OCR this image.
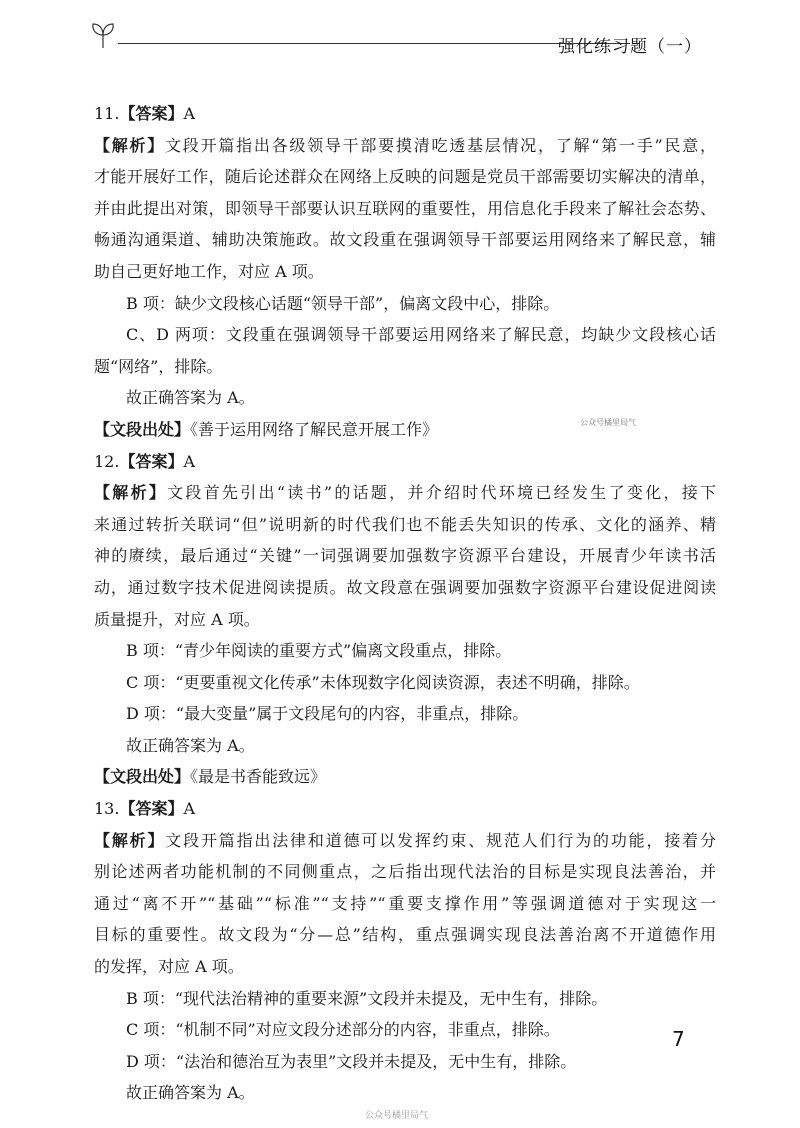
强化练习题（一）
11.【答案】A
【解析】文段开篇指出各级领导干部要摸清吃透基层情况，了解“第一手”民意，
才能开展好工作，随后论述群众在网络上反映的问题是党员干部需要切实解决的清单，
并由此提出对策，即领导干部要认识互联网的重要性，用信息化手段来了解社会态势、
畅通沟通渠道、辅助决策施政。故文段重在强调领导干部要运用网络来了解民意，辅
助自己更好地工作，对应 A 项。
B 项：缺少文段核心话题“领导干部”，偏离文段中心，排除。
C、D 两项：文段重在强调领导干部要运用网络来了解民意，均缺少文段核心话
题“网络”，排除。
故正确答案为 A。
【文段出处】《善于运用网络了解民意开展工作》
12.【答案】A
【解析】文段首先引出“读书”的话题，并介绍时代环境已经发生了变化，接下
来通过转折关联词“但”说明新的时代我们也不能丢失知识的传承、文化的涵养、精
神的赓续，最后通过“关键”一词强调要加强数字资源平台建设，开展青少年读书活
动，通过数字技术促进阅读提质。故文段意在强调要加强数字资源平台建设促进阅读
质量提升，对应 A 项。
B 项：“青少年阅读的重要方式”偏离文段重点，排除。
C 项：“更要重视文化传承”未体现数字化阅读资源，表述不明确，排除。
D 项：“最大变量”属于文段尾句的内容，非重点，排除。
故正确答案为 A。
【文段出处】《最是书香能致远》
13.【答案】A
【解析】文段开篇指出法律和道德可以发挥约束、规范人们行为的功能，接着分
别论述两者功能机制的不同侧重点，之后指出现代法治的目标是实现良法善治，并
通过“离不开”“基础”“标准”“支持”“重要支撑作用”等强调道德对于实现这一
目标的重要性。故文段为“分—总”结构，重点强调实现良法善治离不开道德作用
的发挥，对应 A 项。
B 项：“现代法治精神的重要来源”文段并未提及，无中生有，排除。
C 项：“机制不同”对应文段分述部分的内容，非重点，排除。
D 项：“法治和德治互为表里”文段并未提及，无中生有，排除。
故正确答案为 A。
公众号橘里局气
7
公众号橘里局气
